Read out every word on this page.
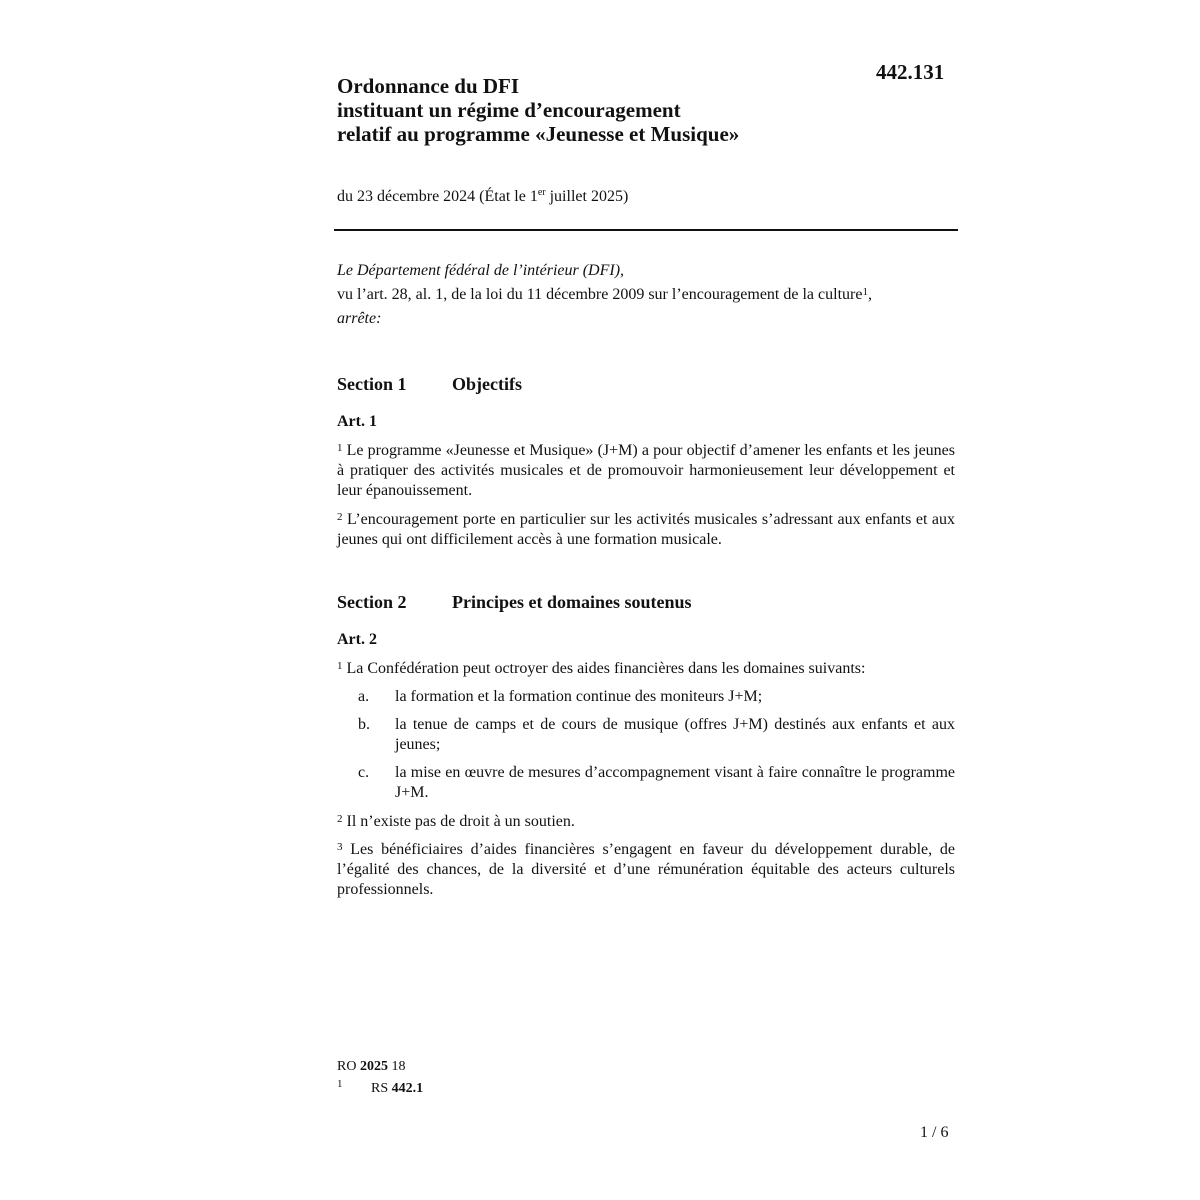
442.131
Ordonnance du DFI
instituant un régime d’encouragement
relatif au programme «Jeunesse et Musique»
du 23 décembre 2024 (État le 1er juillet 2025)
Le Département fédéral de l’intérieur (DFI),
vu l’art. 28, al. 1, de la loi du 11 décembre 2009 sur l’encouragement de la culture$^1$,
arrête:
Section 1	Objectifs
Art. 1
$^1$ Le programme «Jeunesse et Musique» (J+M) a pour objectif d’amener les enfants et les jeunes à pratiquer des activités musicales et de promouvoir harmonieusement leur développement et leur épanouissement.
$^2$ L’encouragement porte en particulier sur les activités musicales s’adressant aux enfants et aux jeunes qui ont difficilement accès à une formation musicale.
Section 2	Principes et domaines soutenus
Art. 2
$^1$ La Confédération peut octroyer des aides financières dans les domaines suivants:
a. la formation et la formation continue des moniteurs J+M;
b. la tenue de camps et de cours de musique (offres J+M) destinés aux enfants et aux jeunes;
c. la mise en œuvre de mesures d’accompagnement visant à faire connaître le programme J+M.
$^2$ Il n’existe pas de droit à un soutien.
$^3$ Les bénéficiaires d’aides financières s’engagent en faveur du développement durable, de l’égalité des chances, de la diversité et d’une rémunération équitable des acteurs culturels professionnels.
RO 2025 18
1 RS 442.1
1 / 6
